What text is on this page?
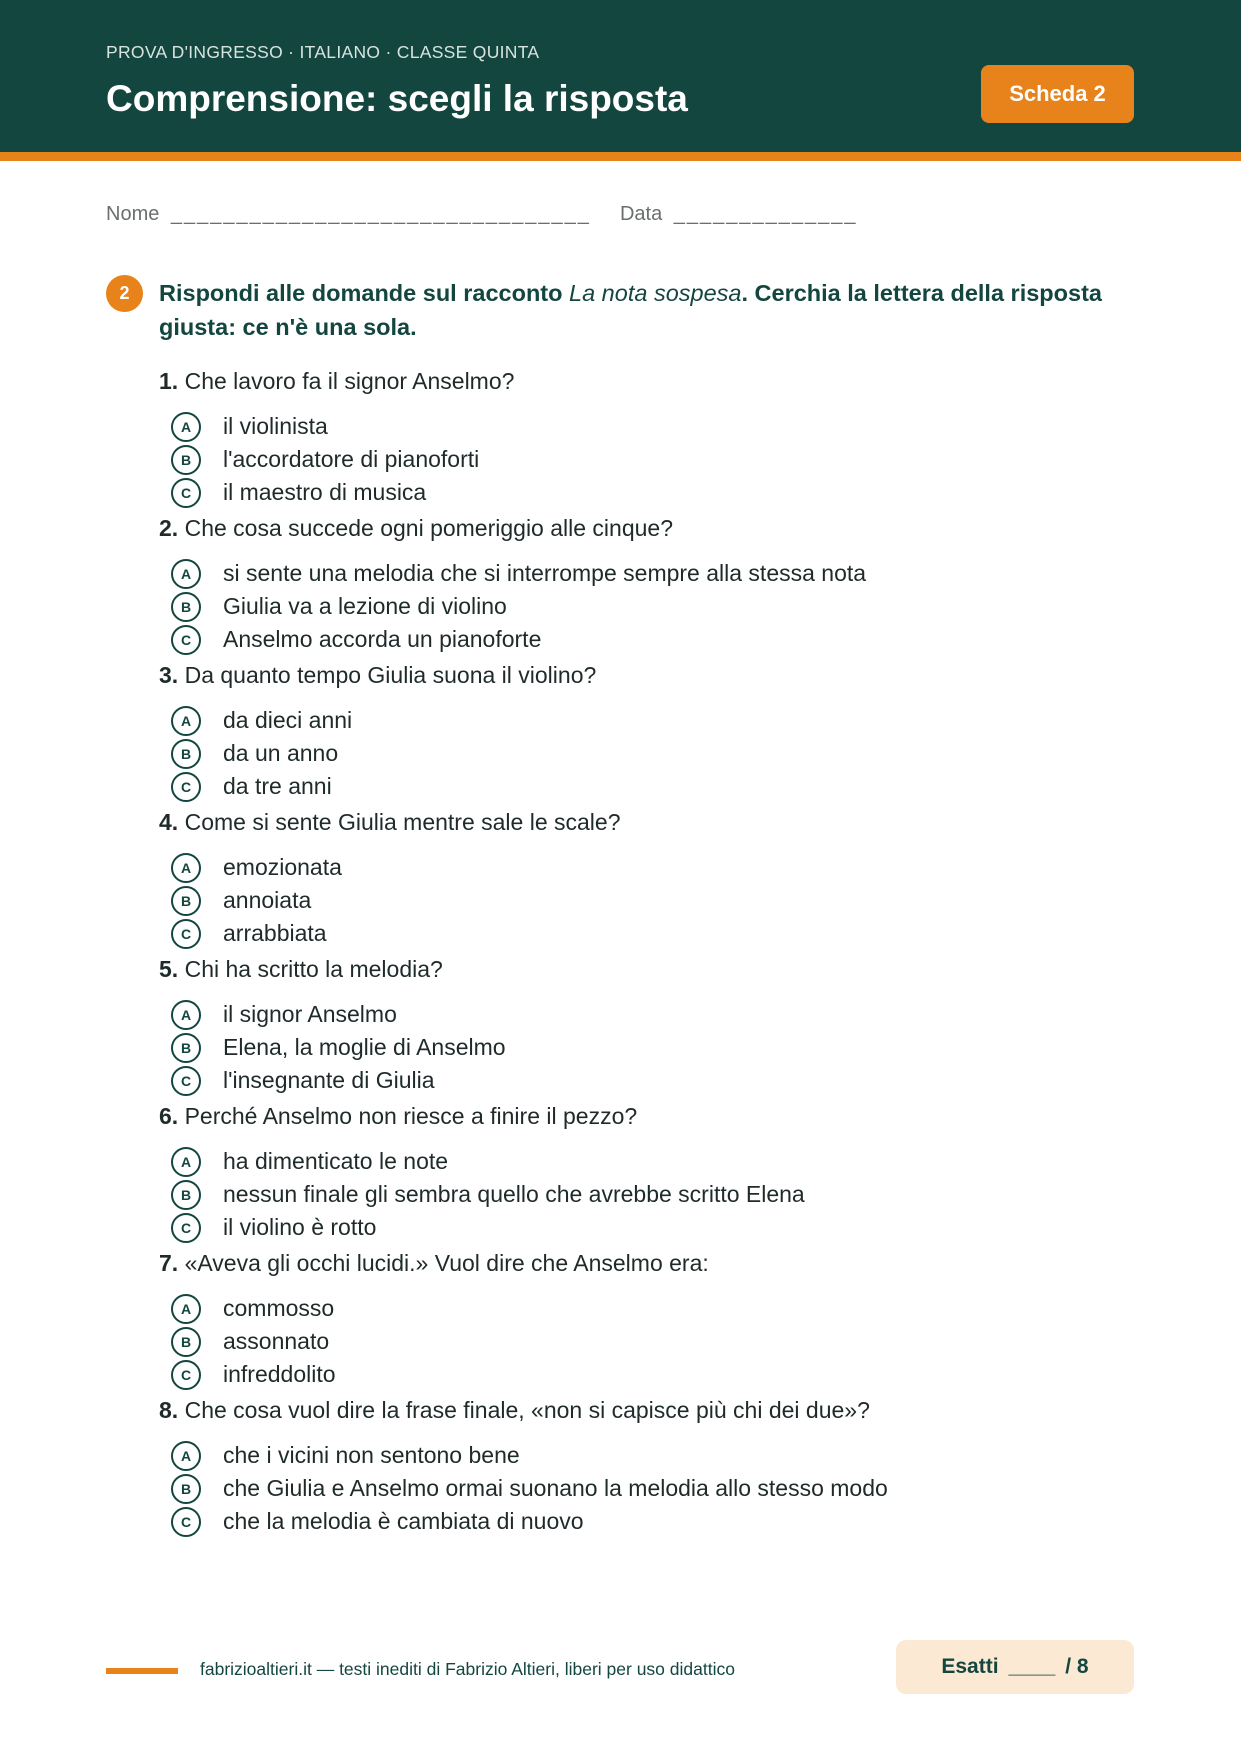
PROVA D'INGRESSO · ITALIANO · CLASSE QUINTA
Comprensione: scegli la risposta	Scheda 2
Nome ________________________________ Data ______________
2	Rispondi alle domande sul racconto La nota sospesa. Cerchia la lettera della risposta giusta: ce n'è una sola.
1. Che lavoro fa il signor Anselmo?
A	il violinista
B	l'accordatore di pianoforti
C	il maestro di musica
2. Che cosa succede ogni pomeriggio alle cinque?
A	si sente una melodia che si interrompe sempre alla stessa nota
B	Giulia va a lezione di violino
C	Anselmo accorda un pianoforte
3. Da quanto tempo Giulia suona il violino?
A	da dieci anni
B	da un anno
C	da tre anni
4. Come si sente Giulia mentre sale le scale?
A	emozionata
B	annoiata
C	arrabbiata
5. Chi ha scritto la melodia?
A	il signor Anselmo
B	Elena, la moglie di Anselmo
C	l'insegnante di Giulia
6. Perché Anselmo non riesce a finire il pezzo?
A	ha dimenticato le note
B	nessun finale gli sembra quello che avrebbe scritto Elena
C	il violino è rotto
7. «Aveva gli occhi lucidi.» Vuol dire che Anselmo era:
A	commosso
B	assonnato
C	infreddolito
8. Che cosa vuol dire la frase finale, «non si capisce più chi dei due»?
A	che i vicini non sentono bene
B	che Giulia e Anselmo ormai suonano la melodia allo stesso modo
C	che la melodia è cambiata di nuovo
fabrizioaltieri.it — testi inediti di Fabrizio Altieri, liberi per uso didattico	Esatti ____ / 8
